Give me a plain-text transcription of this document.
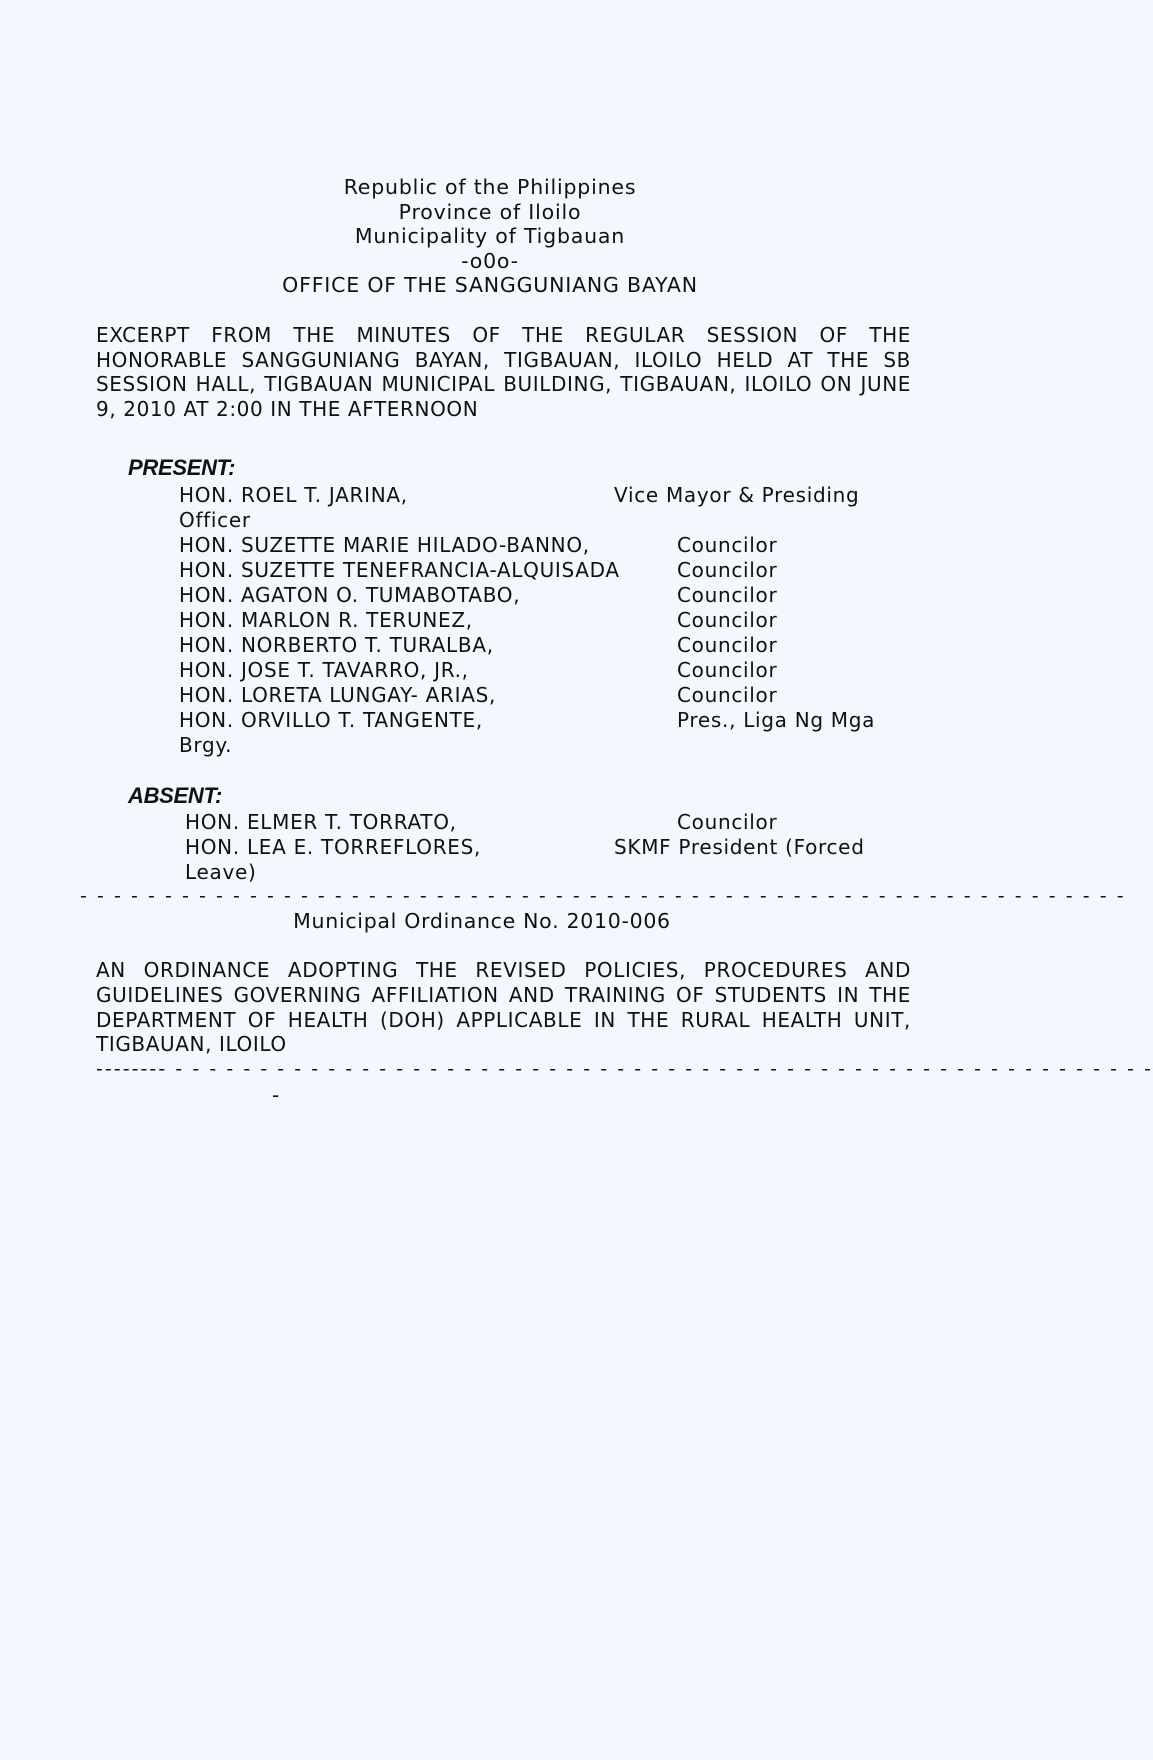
Republic of the Philippines
Province of Iloilo
Municipality of Tigbauan
-o0o-
OFFICE OF THE SANGGUNIANG BAYAN
EXCERPT FROM THE MINUTES OF THE REGULAR SESSION OF THE HONORABLE SANGGUNIANG BAYAN, TIGBAUAN, ILOILO HELD AT THE SB SESSION HALL, TIGBAUAN MUNICIPAL BUILDING, TIGBAUAN, ILOILO ON JUNE 9, 2010 AT 2:00 IN THE AFTERNOON
PRESENT:
HON. ROEL T. JARINA,	Vice Mayor & Presiding
Officer
HON. SUZETTE MARIE HILADO-BANNO,	Councilor
HON. SUZETTE TENEFRANCIA-ALQUISADA	Councilor
HON. AGATON O. TUMABOTABO,	Councilor
HON. MARLON R. TERUNEZ,	Councilor
HON. NORBERTO T. TURALBA,	Councilor
HON. JOSE T. TAVARRO, JR.,	Councilor
HON. LORETA LUNGAY- ARIAS,	Councilor
HON. ORVILLO T. TANGENTE,	Pres., Liga Ng Mga
Brgy.
ABSENT:
HON. ELMER T. TORRATO,	Councilor
HON. LEA E. TORREFLORES,	SKMF President (Forced
Leave)
- - - - - - - - - - - - - - - - - - - - - - - - - - - - - - - - - - - - - - - - - - - - - - - - - - - - - - - - - - - - - -
Municipal Ordinance No. 2010-006
AN ORDINANCE ADOPTING THE REVISED POLICIES, PROCEDURES AND GUIDELINES GOVERNING AFFILIATION AND TRAINING OF STUDENTS IN THE DEPARTMENT OF HEALTH (DOH) APPLICABLE IN THE RURAL HEALTH UNIT, TIGBAUAN, ILOILO
-------- - - - - - - - - - - - - - - - - - - - - - - - - - - - - - - - - - - - - - - - - - - - - - - - - - - - - - - - - - -
-
